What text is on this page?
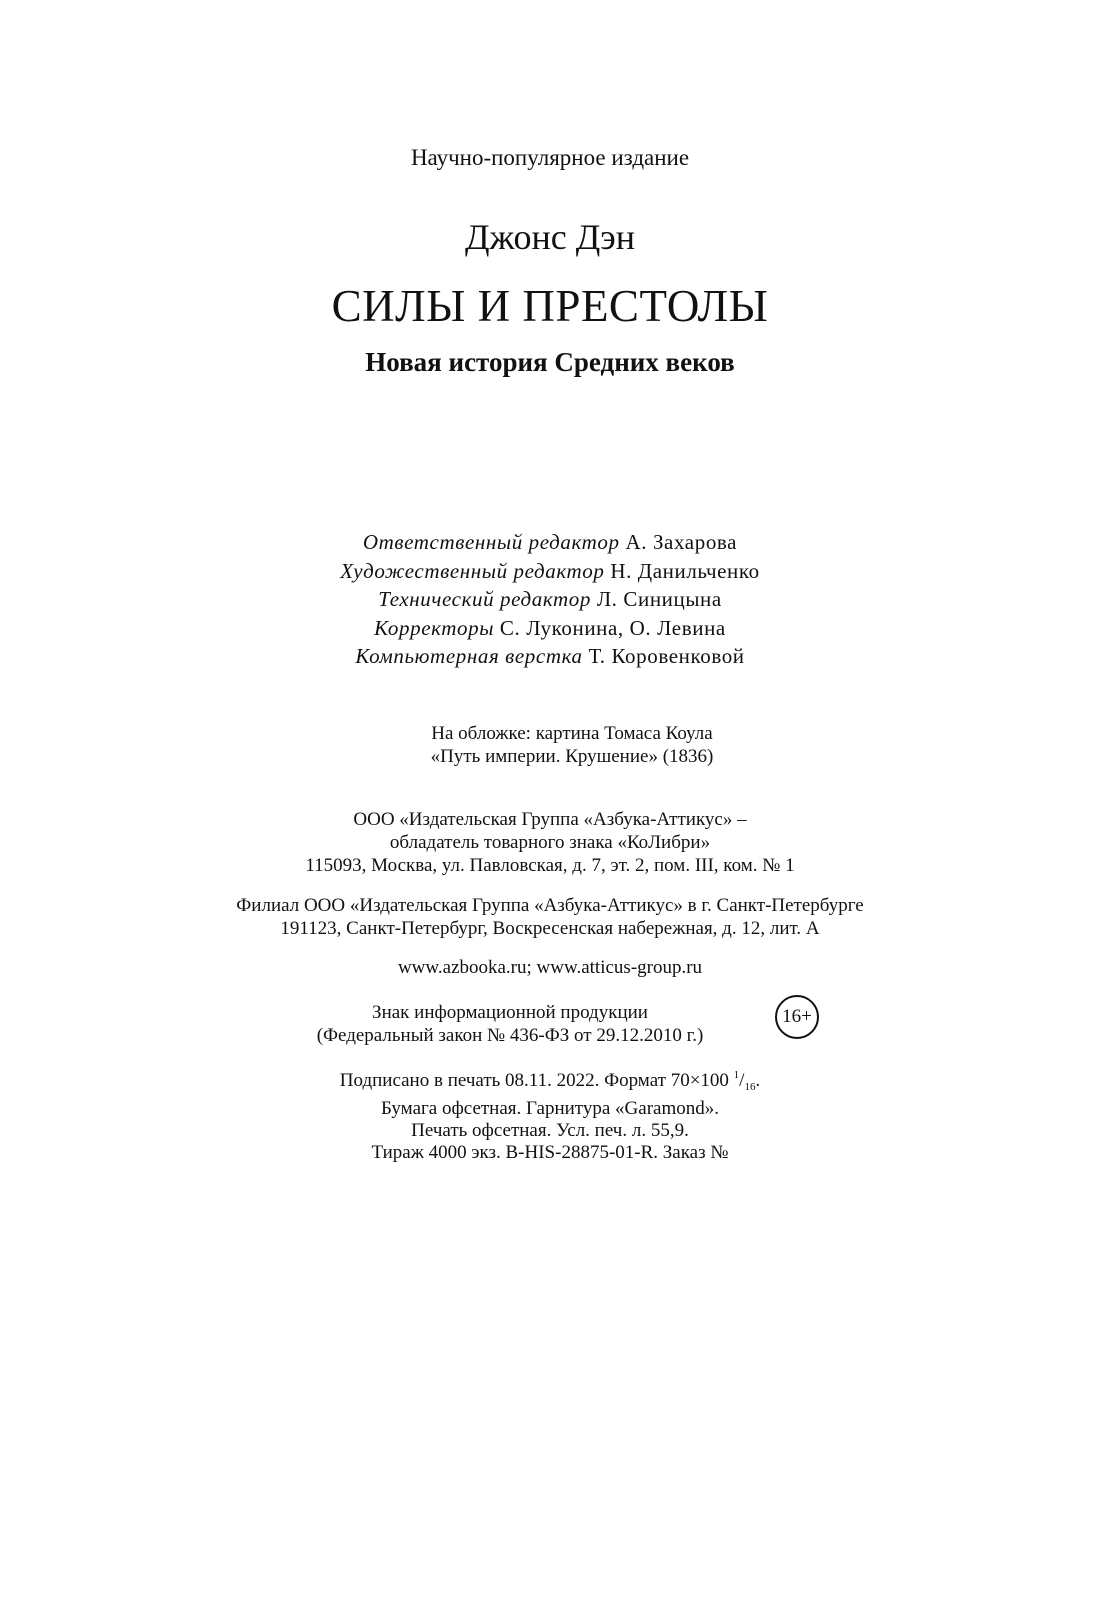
Научно-популярное издание
Джонс Дэн
СИЛЫ И ПРЕСТОЛЫ
Новая история Средних веков
Ответственный редактор А. Захарова
Художественный редактор Н. Данильченко
Технический редактор Л. Синицына
Корректоры С. Луконина, О. Левина
Компьютерная верстка Т. Коровенковой
На обложке: картина Томаса Коула
«Путь империи. Крушение» (1836)
ООО «Издательская Группа «Азбука-Аттикус» –
обладатель товарного знака «КоЛибри»
115093, Москва, ул. Павловская, д. 7, эт. 2, пом. III, ком. № 1
Филиал ООО «Издательская Группа «Азбука-Аттикус» в г. Санкт-Петербурге
191123, Санкт-Петербург, Воскресенская набережная, д. 12, лит. А
www.azbooka.ru; www.atticus-group.ru
Знак информационной продукции
(Федеральный закон № 436-ФЗ от 29.12.2010 г.)
16+
Подписано в печать 08.11. 2022. Формат 70×100 $^1/_{16}$.
Бумага офсетная. Гарнитура «Garamond».
Печать офсетная. Усл. печ. л. 55,9.
Тираж 4000 экз. B-HIS-28875-01-R. Заказ №
